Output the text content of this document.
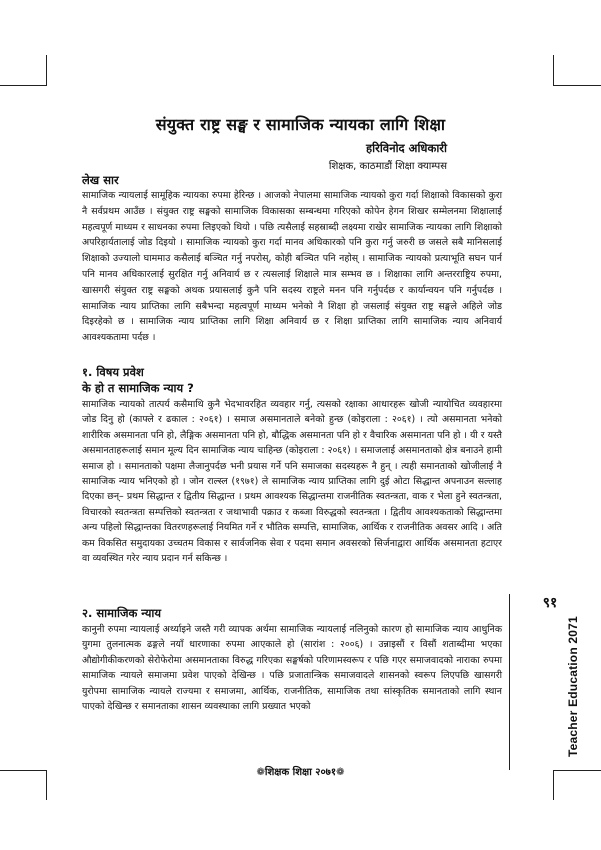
संयुक्त राष्ट्र सङ्घ र सामाजिक न्यायका लागि शिक्षा
हरिविनोद अधिकारी
शिक्षक, काठमाडौं शिक्षा क्याम्पस
लेख सार

सामाजिक न्यायलाई सामूहिक न्यायका रुपमा हेरिन्छ । आजको नेपालमा सामाजिक न्यायको कुरा गर्दा शिक्षाको विकासको कुरा नै सर्वप्रथम आउँछ । संयुक्त राष्ट्र सङ्घको सामाजिक विकासका सम्बन्धमा गरिएको कोपेन हेगन शिखर सम्मेलनमा शिक्षालाई महत्वपूर्ण माध्यम र साधनका रुपमा लिइएको थियो । पछि त्यसैलाई सहस्राब्दी लक्ष्यमा राखेर सामाजिक न्यायका लागि शिक्षाको अपरिहार्यतालाई जोड दिइयो । सामाजिक न्यायको कुरा गर्दा मानव अधिकारको पनि कुरा गर्नु जरुरी छ जसले सबै मानिसलाई शिक्षाको उज्यालो घाममाउ कसैलाई बञ्चित गर्नु नपरोस्, कोही बञ्चित पनि नहोस् । सामाजिक न्यायको प्रत्याभूति सघन पार्न पनि मानव अधिकारलाई सुरक्षित गर्नु अनिवार्य छ र त्यसलाई शिक्षाले मात्र सम्भव छ । शिक्षाका लागि अन्तरराष्ट्रिय रुपमा, खासगरी संयुक्त राष्ट्र सङ्घको अथक प्रयासलाई कुनै पनि सदस्य राष्ट्रले मनन पनि गर्नुपर्दछ र कार्यान्वयन पनि गर्नुपर्दछ । सामाजिक न्याय प्राप्तिका लागि सबैभन्दा महत्वपूर्ण माध्यम भनेको नै शिक्षा हो जसलाई संयुक्त राष्ट्र सङ्घले अहिले जोड दिइरहेको छ । सामाजिक न्याय प्राप्तिका लागि शिक्षा अनिवार्य छ र शिक्षा प्राप्तिका लागि सामाजिक न्याय अनिवार्य आवश्यकतामा पर्दछ ।

१. विषय प्रवेश
के हो त सामाजिक न्याय ?

सामाजिक न्यायको तात्पर्य कसैमाथि कुनै भेदभावरहित व्यवहार गर्नु, त्यसको रक्षाका आधारहरू खोजी न्यायोचित व्यवहारमा जोड दिनु हो (काफ्ले र ढकाल : २०६१) । समाज असमानताले बनेको हुन्छ (कोइराला : २०६१) । त्यो असमानता भनेको शारीरिक असमानता पनि हो, लैङ्गिक असमानता पनि हो, बौद्धिक असमानता पनि हो र वैचारिक असमानता पनि हो । यी र यस्तै असमानताहरूलाई समान मूल्य दिन सामाजिक न्याय चाहिन्छ (कोइराला : २०६१) । समाजलाई असमानताको क्षेत्र बनाउने हामी समाज हो । समानताको पक्षमा लैजानुपर्दछ भनी प्रयास गर्ने पनि समाजका सदस्यहरू नै हुन् । त्यही समानताको खोजीलाई नै सामाजिक न्याय भनिएको हो । जोन राल्स्ल (१९७१) ले सामाजिक न्याय प्राप्तिका लागि दुई ओटा सिद्धान्त अपनाउन सल्लाह दिएका छन्– प्रथम सिद्धान्त र द्वितीय सिद्धान्त । प्रथम आवश्यक सिद्धान्तमा राजनीतिक स्वतन्त्रता, वाक र भेला हुने स्वतन्त्रता, विचारको स्वतन्त्रता सम्पत्तिको स्वतन्त्रता र जथाभावी पक्राउ र कब्जा विरुद्धको स्वतन्त्रता । द्वितीय आवश्यकताको सिद्धान्तमा अन्य पहिलो सिद्धान्तका वितरणहरूलाई नियमित गर्ने र भौतिक सम्पत्ति, सामाजिक, आर्थिक र राजनीतिक अवसर आदि । अति कम विकसित समुदायका उच्चतम विकास र सार्वजनिक सेवा र पदमा समान अवसरको सिर्जनाद्वारा आर्थिक असमानता हटाएर वा व्यवस्थित गरेर न्याय प्रदान गर्न सकिन्छ ।

२. सामाजिक न्याय

कानुनी रुपमा न्यायलाई अर्थ्याइने जस्तै गरी व्यापक अर्थमा सामाजिक न्यायलाई नलिनुको कारण हो सामाजिक न्याय आधुनिक युगमा तुलनात्मक ढङ्गले नयाँ धारणाका रुपमा आएकाले हो (सारांश : २००६) । उन्नाइसौं र विसौं शताब्दीमा भएका औद्योगीकीकरणको सेरोफेरोमा असमानताका विरुद्ध गरिएका सङ्घर्षको परिणामस्वरूप र पछि गएर समाजवादको नाराका रुपमा सामाजिक न्यायले समाजमा प्रवेश पाएको देखिन्छ । पछि प्रजातान्त्रिक समाजवादले शासनको स्वरूप लिएपछि खासगरी युरोपमा सामाजिक न्यायले राज्यमा र समाजमा, आर्थिक, राजनीतिक, सामाजिक तथा सांस्कृतिक समानताको लागि स्थान पाएको देखिन्छ र समानताका शासन व्यवस्थाका लागि प्रख्यात भएको

९१
Teacher Education 2071
❁शिक्षक शिक्षा २०७१❁
